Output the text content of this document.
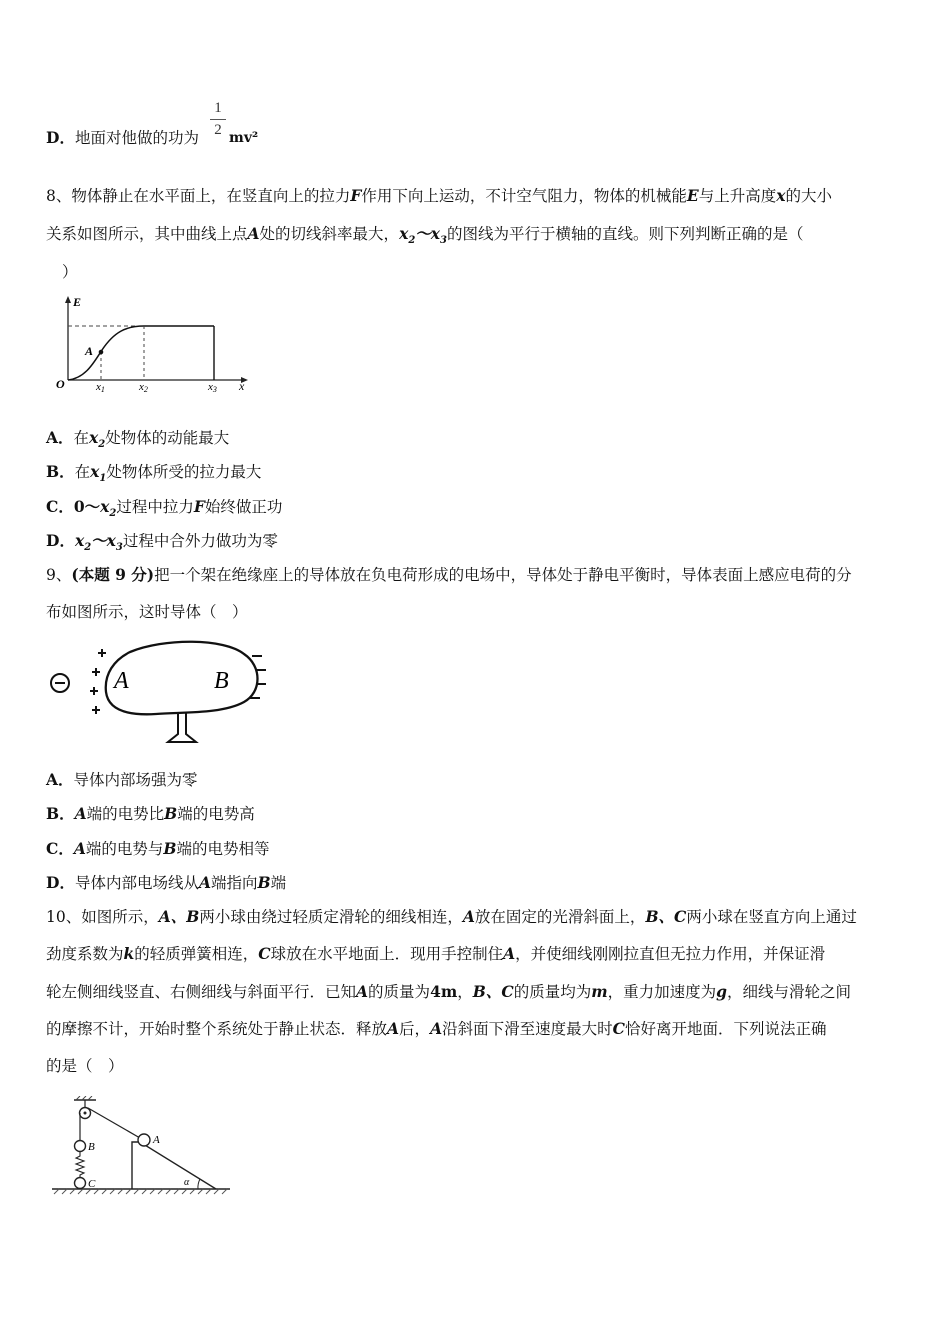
D．地面对他做的功为
1
2 mv²
8、物体静止在水平面上，在竖直向上的拉力F作用下向上运动，不计空气阻力，物体的机械能E与上升高度x的大小
关系如图所示，其中曲线上点A处的切线斜率最大，$x_2\sim x_3$的图线为平行于横轴的直线。则下列判断正确的是（
）
E
x
O
A
x1	x2	x3
A．在$x_2$处物体的动能最大
B．在$x_1$处物体所受的拉力最大
C．$0\sim x_2$过程中拉力F始终做正功
D．$x_2\sim x_3$过程中合外力做功为零
9、(本题 9 分)把一个架在绝缘座上的导体放在负电荷形成的电场中，导体处于静电平衡时，导体表面上感应电荷的分
布如图所示，这时导体（　）
A	B
A．导体内部场强为零
B．A端的电势比B端的电势高
C．A端的电势与B端的电势相等
D．导体内部电场线从A端指向B端
10、如图所示，A、B两小球由绕过轻质定滑轮的细线相连，A放在固定的光滑斜面上，B、C两小球在竖直方向上通过
劲度系数为k的轻质弹簧相连，C球放在水平地面上．现用手控制住A，并使细线刚刚拉直但无拉力作用，并保证滑
轮左侧细线竖直、右侧细线与斜面平行．已知A的质量为4m，B、C的质量均为m，重力加速度为g，细线与滑轮之间
的摩擦不计，开始时整个系统处于静止状态．释放A后，A沿斜面下滑至速度最大时C恰好离开地面．下列说法正确
的是（　）
B
C
A
α
